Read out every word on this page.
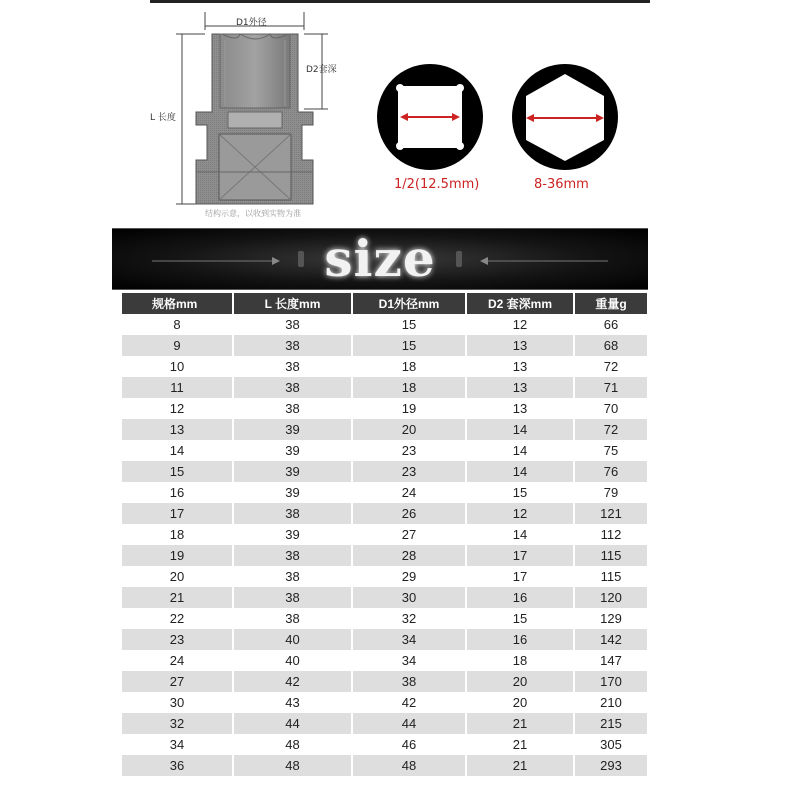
D1外径
D2套深
L 长度
结构示意，以收到实物为准
1/2(12.5mm)	8-36mm
size
规格mm	L 长度mm	D1外径mm	D2 套深mm	重量g
8	38	15	12	66
9	38	15	13	68
10	38	18	13	72
11	38	18	13	71
12	38	19	13	70
13	39	20	14	72
14	39	23	14	75
15	39	23	14	76
16	39	24	15	79
17	38	26	12	121
18	39	27	14	112
19	38	28	17	115
20	38	29	17	115
21	38	30	16	120
22	38	32	15	129
23	40	34	16	142
24	40	34	18	147
27	42	38	20	170
30	43	42	20	210
32	44	44	21	215
34	48	46	21	305
36	48	48	21	293
